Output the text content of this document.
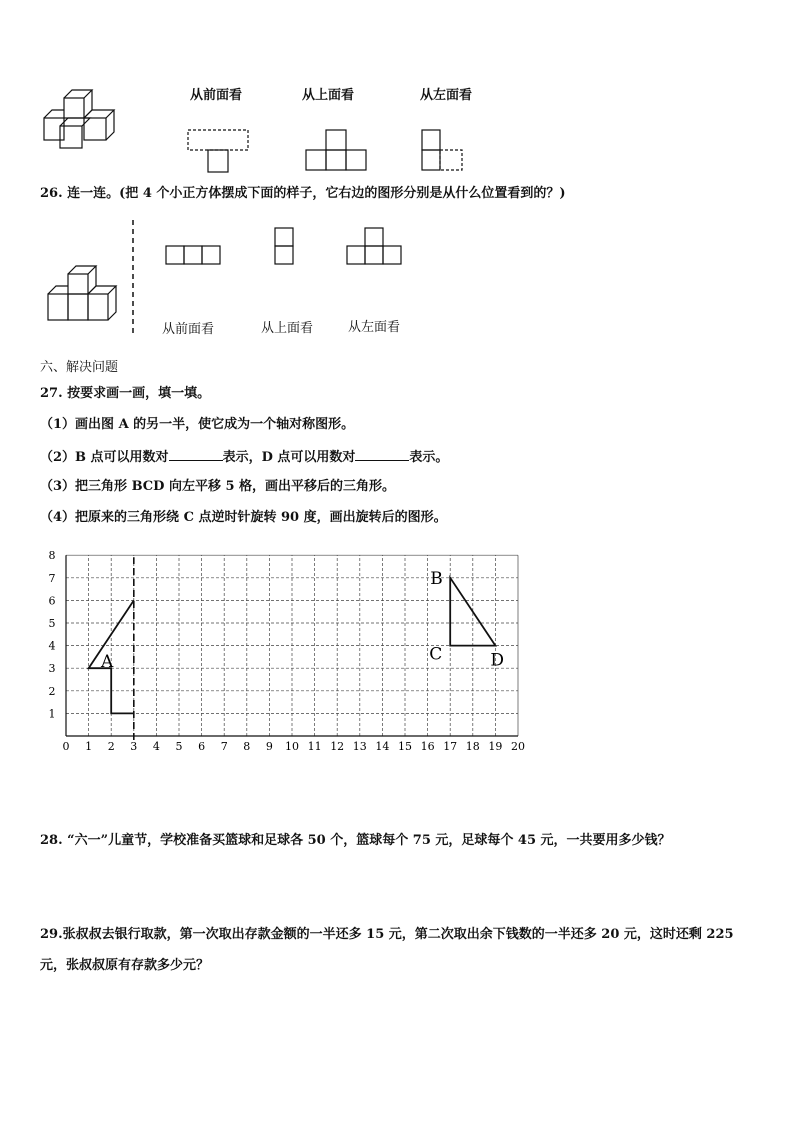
从前面看	从上面看	从左面看
26. 连一连。(把 4 个小正方体摆成下面的样子，它右边的图形分别是从什么位置看到的？)
从前面看	从上面看	从左面看
六、解决问题
27. 按要求画一画，填一填。
（1）画出图 A 的另一半，使它成为一个轴对称图形。
（2）B 点可以用数对	表示，D 点可以用数对	表示。
（3）把三角形 BCD 向左平移 5 格，画出平移后的三角形。
（4）把原来的三角形绕 C 点逆时针旋转 90 度，画出旋转后的图形。
0 1 2 3 4 5 6 7 8 9 10 11 12 13 14 15 16 17 18 19 20
1
2
3
4
5
6
7
8
A
B
C	D
28. “六一”儿童节，学校准备买篮球和足球各 50 个，篮球每个 75 元，足球每个 45 元，一共要用多少钱？
29.张叔叔去银行取款，第一次取出存款金额的一半还多 15 元，第二次取出余下钱数的一半还多 20 元，这时还剩 225
元，张叔叔原有存款多少元？
